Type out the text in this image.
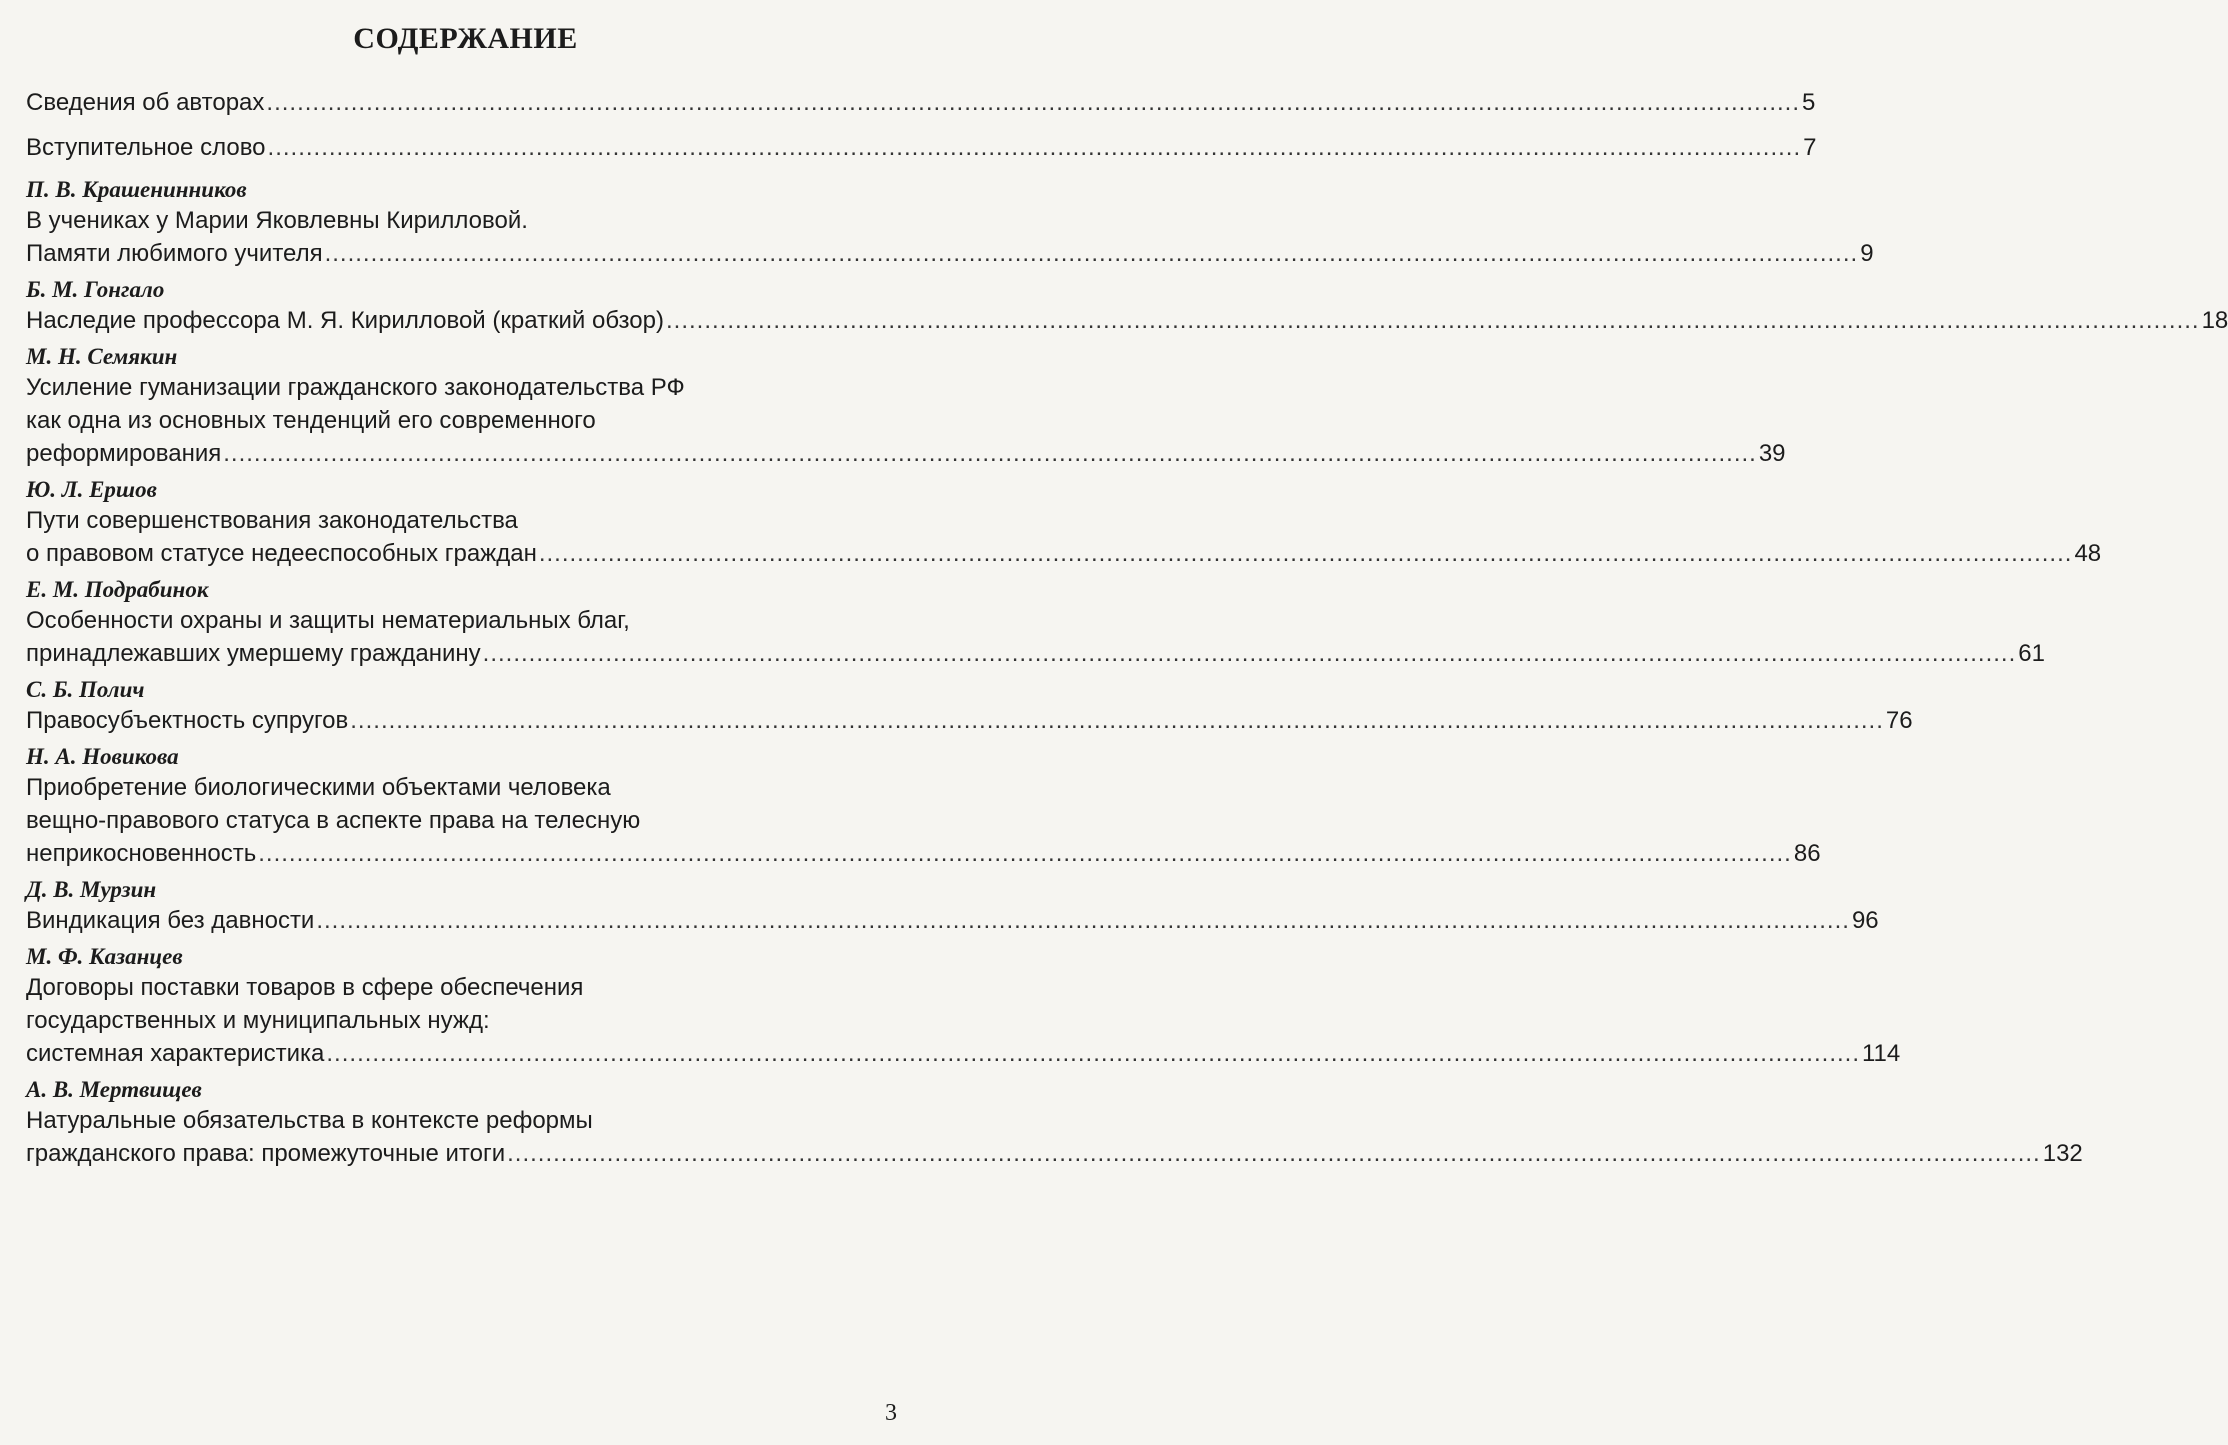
СОДЕРЖАНИЕ
Сведения об авторах ........................................................................................................................................................................................................ 5
Вступительное слово ........................................................................................................................................................................................................ 7
П. В. Крашенинников
В учениках у Марии Яковлевны Кирилловой.
Памяти любимого учителя ........................................................................................................................................................................................................ 9
Б. М. Гонгало
Наследие профессора М. Я. Кирилловой (краткий обзор) ........................................................................................................................................................................................................ 18
М. Н. Семякин
Усиление гуманизации гражданского законодательства РФ
как одна из основных тенденций его современного
реформирования ........................................................................................................................................................................................................ 39
Ю. Л. Ершов
Пути совершенствования законодательства
о правовом статусе недееспособных граждан ........................................................................................................................................................................................................ 48
Е. М. Подрабинок
Особенности охраны и защиты нематериальных благ,
принадлежавших умершему гражданину ........................................................................................................................................................................................................ 61
С. Б. Полич
Правосубъектность супругов ........................................................................................................................................................................................................ 76
Н. А. Новикова
Приобретение биологическими объектами человека
вещно-правового статуса в аспекте права на телесную
неприкосновенность ........................................................................................................................................................................................................ 86
Д. В. Мурзин
Виндикация без давности ........................................................................................................................................................................................................ 96
М. Ф. Казанцев
Договоры поставки товаров в сфере обеспечения
государственных и муниципальных нужд:
системная характеристика ........................................................................................................................................................................................................ 114
А. В. Мертвищев
Натуральные обязательства в контексте реформы
гражданского права: промежуточные итоги ........................................................................................................................................................................................................ 132
3
